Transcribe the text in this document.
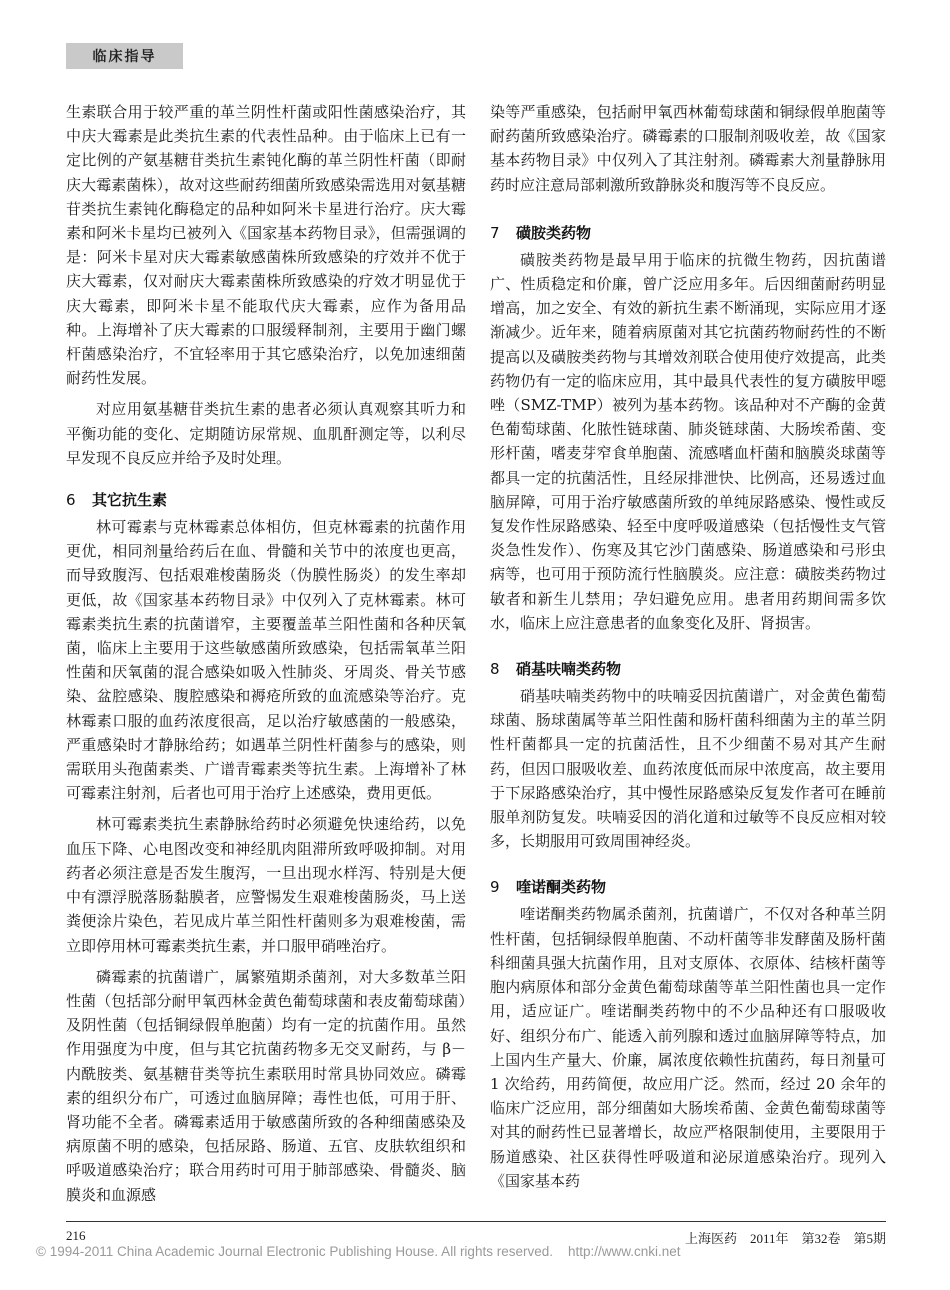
临床指导

生素联合用于较严重的革兰阴性杆菌或阳性菌感染治疗，其中庆大霉素是此类抗生素的代表性品种。由于临床上已有一定比例的产氨基糖苷类抗生素钝化酶的革兰阴性杆菌（即耐庆大霉素菌株），故对这些耐药细菌所致感染需选用对氨基糖苷类抗生素钝化酶稳定的品种如阿米卡星进行治疗。庆大霉素和阿米卡星均已被列入《国家基本药物目录》，但需强调的是：阿米卡星对庆大霉素敏感菌株所致感染的疗效并不优于庆大霉素，仅对耐庆大霉素菌株所致感染的疗效才明显优于庆大霉素，即阿米卡星不能取代庆大霉素，应作为备用品种。上海增补了庆大霉素的口服缓释制剂，主要用于幽门螺杆菌感染治疗，不宜轻率用于其它感染治疗，以免加速细菌耐药性发展。

对应用氨基糖苷类抗生素的患者必须认真观察其听力和平衡功能的变化、定期随访尿常规、血肌酐测定等，以利尽早发现不良反应并给予及时处理。

6 其它抗生素

林可霉素与克林霉素总体相仿，但克林霉素的抗菌作用更优，相同剂量给药后在血、骨髓和关节中的浓度也更高，而导致腹泻、包括艰难梭菌肠炎（伪膜性肠炎）的发生率却更低，故《国家基本药物目录》中仅列入了克林霉素。林可霉素类抗生素的抗菌谱窄，主要覆盖革兰阳性菌和各种厌氧菌，临床上主要用于这些敏感菌所致感染，包括需氧革兰阳性菌和厌氧菌的混合感染如吸入性肺炎、牙周炎、骨关节感染、盆腔感染、腹腔感染和褥疮所致的血流感染等治疗。克林霉素口服的血药浓度很高，足以治疗敏感菌的一般感染，严重感染时才静脉给药；如遇革兰阴性杆菌参与的感染，则需联用头孢菌素类、广谱青霉素类等抗生素。上海增补了林可霉素注射剂，后者也可用于治疗上述感染，费用更低。

林可霉素类抗生素静脉给药时必须避免快速给药，以免血压下降、心电图改变和神经肌肉阻滞所致呼吸抑制。对用药者必须注意是否发生腹泻，一旦出现水样泻、特别是大便中有漂浮脱落肠黏膜者，应警惕发生艰难梭菌肠炎，马上送粪便涂片染色，若见成片革兰阳性杆菌则多为艰难梭菌，需立即停用林可霉素类抗生素，并口服甲硝唑治疗。

磷霉素的抗菌谱广，属繁殖期杀菌剂，对大多数革兰阳性菌（包括部分耐甲氧西林金黄色葡萄球菌和表皮葡萄球菌）及阴性菌（包括铜绿假单胞菌）均有一定的抗菌作用。虽然作用强度为中度，但与其它抗菌药物多无交叉耐药，与 β－内酰胺类、氨基糖苷类等抗生素联用时常具协同效应。磷霉素的组织分布广，可透过血脑屏障；毒性也低，可用于肝、肾功能不全者。磷霉素适用于敏感菌所致的各种细菌感染及病原菌不明的感染，包括尿路、肠道、五官、皮肤软组织和呼吸道感染治疗；联合用药时可用于肺部感染、骨髓炎、脑膜炎和血源感

染等严重感染，包括耐甲氧西林葡萄球菌和铜绿假单胞菌等耐药菌所致感染治疗。磷霉素的口服制剂吸收差，故《国家基本药物目录》中仅列入了其注射剂。磷霉素大剂量静脉用药时应注意局部刺激所致静脉炎和腹泻等不良反应。

7 磺胺类药物

磺胺类药物是最早用于临床的抗微生物药，因抗菌谱广、性质稳定和价廉，曾广泛应用多年。后因细菌耐药明显增高，加之安全、有效的新抗生素不断涌现，实际应用才逐渐减少。近年来，随着病原菌对其它抗菌药物耐药性的不断提高以及磺胺类药物与其增效剂联合使用使疗效提高，此类药物仍有一定的临床应用，其中最具代表性的复方磺胺甲噁唑（SMZ-TMP）被列为基本药物。该品种对不产酶的金黄色葡萄球菌、化脓性链球菌、肺炎链球菌、大肠埃希菌、变形杆菌，嗜麦芽窄食单胞菌、流感嗜血杆菌和脑膜炎球菌等都具一定的抗菌活性，且经尿排泄快、比例高，还易透过血脑屏障，可用于治疗敏感菌所致的单纯尿路感染、慢性或反复发作性尿路感染、轻至中度呼吸道感染（包括慢性支气管炎急性发作）、伤寒及其它沙门菌感染、肠道感染和弓形虫病等，也可用于预防流行性脑膜炎。应注意：磺胺类药物过敏者和新生儿禁用；孕妇避免应用。患者用药期间需多饮水，临床上应注意患者的血象变化及肝、肾损害。

8 硝基呋喃类药物

硝基呋喃类药物中的呋喃妥因抗菌谱广，对金黄色葡萄球菌、肠球菌属等革兰阳性菌和肠杆菌科细菌为主的革兰阴性杆菌都具一定的抗菌活性，且不少细菌不易对其产生耐药，但因口服吸收差、血药浓度低而尿中浓度高，故主要用于下尿路感染治疗，其中慢性尿路感染反复发作者可在睡前服单剂防复发。呋喃妥因的消化道和过敏等不良反应相对较多，长期服用可致周围神经炎。

9 喹诺酮类药物

喹诺酮类药物属杀菌剂，抗菌谱广，不仅对各种革兰阴性杆菌，包括铜绿假单胞菌、不动杆菌等非发酵菌及肠杆菌科细菌具强大抗菌作用，且对支原体、衣原体、结核杆菌等胞内病原体和部分金黄色葡萄球菌等革兰阳性菌也具一定作用，适应证广。喹诺酮类药物中的不少品种还有口服吸收好、组织分布广、能透入前列腺和透过血脑屏障等特点，加上国内生产量大、价廉，属浓度依赖性抗菌药，每日剂量可 1 次给药，用药简便，故应用广泛。然而，经过 20 余年的临床广泛应用，部分细菌如大肠埃希菌、金黄色葡萄球菌等对其的耐药性已显著增长，故应严格限制使用，主要限用于肠道感染、社区获得性呼吸道和泌尿道感染治疗。现列入《国家基本药

216	上海医药　2011年　第32卷　第5期
© 1994-2011 China Academic Journal Electronic Publishing House. All rights reserved.    http://www.cnki.net
